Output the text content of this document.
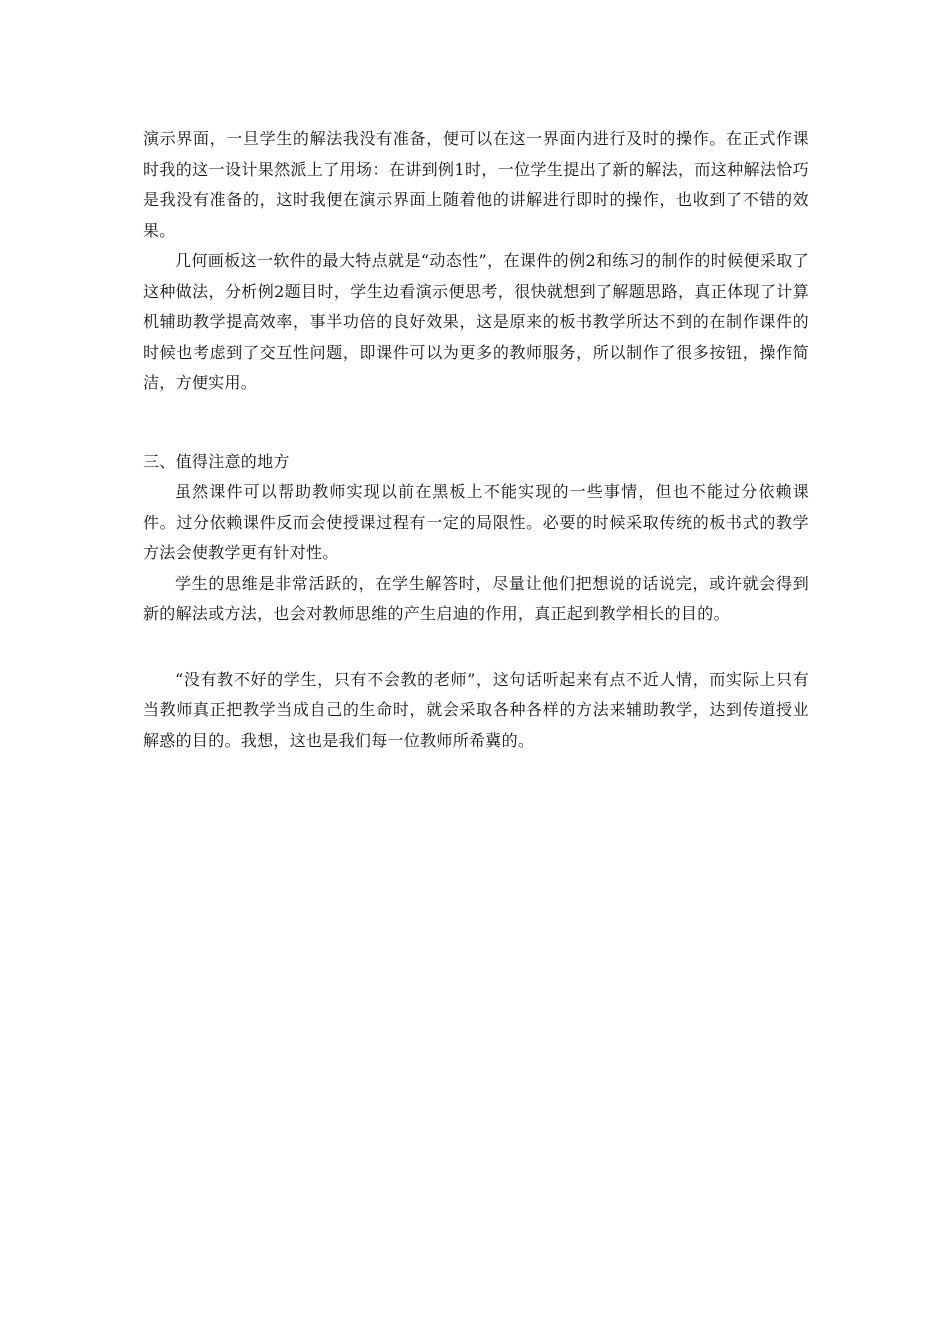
演示界面，一旦学生的解法我没有准备，便可以在这一界面内进行及时的操作。在正式作课时我的这一设计果然派上了用场：在讲到例1时，一位学生提出了新的解法，而这种解法恰巧是我没有准备的，这时我便在演示界面上随着他的讲解进行即时的操作，也收到了不错的效果。

几何画板这一软件的最大特点就是“动态性”，在课件的例2和练习的制作的时候便采取了这种做法，分析例2题目时，学生边看演示便思考，很快就想到了解题思路，真正体现了计算机辅助教学提高效率，事半功倍的良好效果，这是原来的板书教学所达不到的在制作课件的时候也考虑到了交互性问题，即课件可以为更多的教师服务，所以制作了很多按钮，操作简洁，方便实用。

三、值得注意的地方

虽然课件可以帮助教师实现以前在黑板上不能实现的一些事情，但也不能过分依赖课件。过分依赖课件反而会使授课过程有一定的局限性。必要的时候采取传统的板书式的教学方法会使教学更有针对性。

学生的思维是非常活跃的，在学生解答时，尽量让他们把想说的话说完，或许就会得到新的解法或方法，也会对教师思维的产生启迪的作用，真正起到教学相长的目的。

“没有教不好的学生，只有不会教的老师”，这句话听起来有点不近人情，而实际上只有当教师真正把教学当成自己的生命时，就会采取各种各样的方法来辅助教学，达到传道授业解惑的目的。我想，这也是我们每一位教师所希冀的。
